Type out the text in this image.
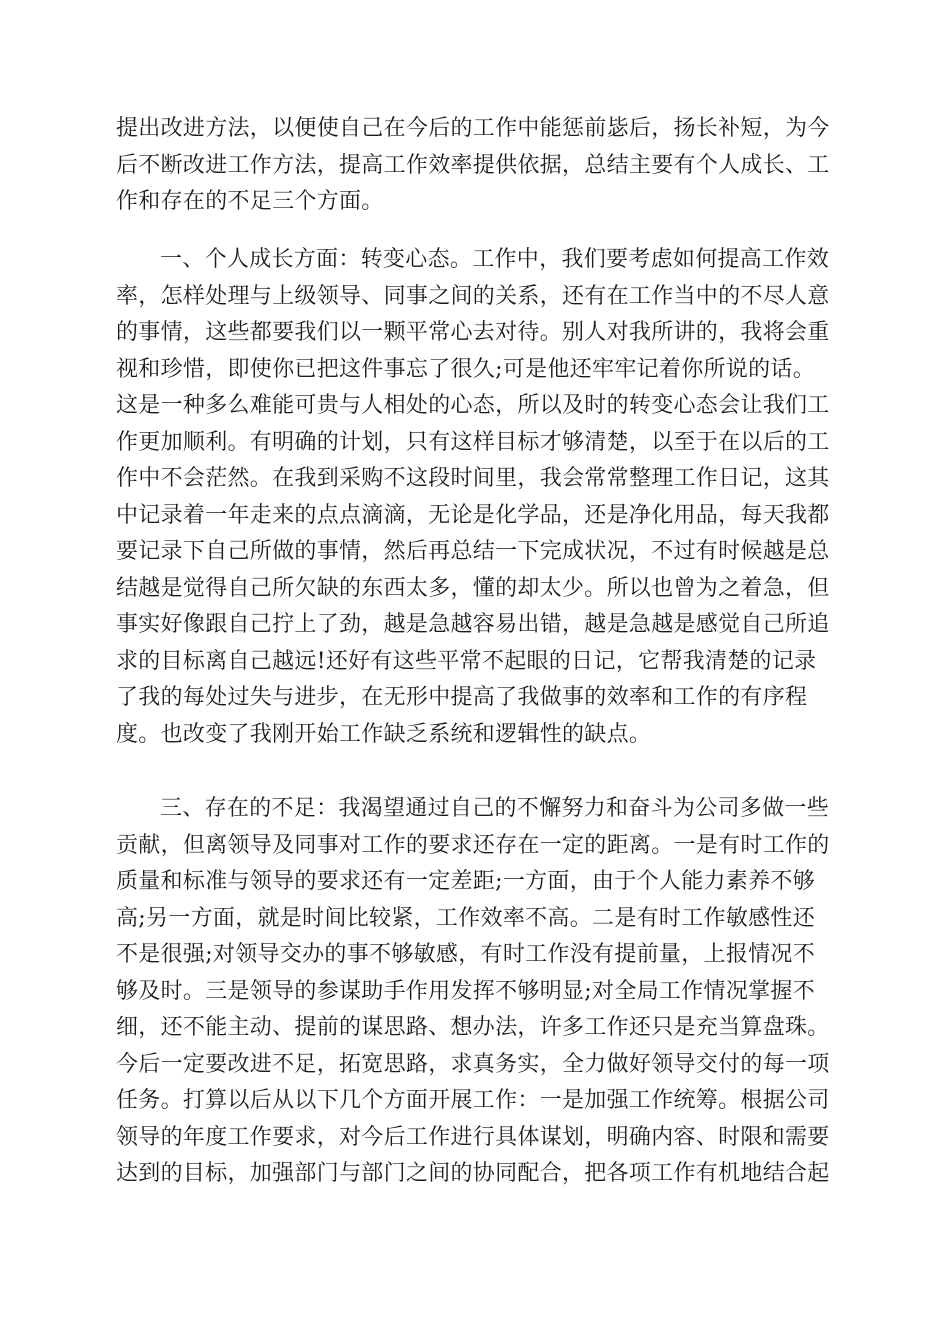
提出改进方法，以便使自己在今后的工作中能惩前毖后，扬长补短，为今
后不断改进工作方法，提高工作效率提供依据，总结主要有个人成长、工
作和存在的不足三个方面。
一、个人成长方面：转变心态。工作中，我们要考虑如何提高工作效
率，怎样处理与上级领导、同事之间的关系，还有在工作当中的不尽人意
的事情，这些都要我们以一颗平常心去对待。别人对我所讲的，我将会重
视和珍惜，即使你已把这件事忘了很久;可是他还牢牢记着你所说的话。
这是一种多么难能可贵与人相处的心态，所以及时的转变心态会让我们工
作更加顺利。有明确的计划，只有这样目标才够清楚，以至于在以后的工
作中不会茫然。在我到采购不这段时间里，我会常常整理工作日记，这其
中记录着一年走来的点点滴滴，无论是化学品，还是净化用品，每天我都
要记录下自己所做的事情，然后再总结一下完成状况，不过有时候越是总
结越是觉得自己所欠缺的东西太多，懂的却太少。所以也曾为之着急，但
事实好像跟自己拧上了劲，越是急越容易出错，越是急越是感觉自己所追
求的目标离自己越远!还好有这些平常不起眼的日记，它帮我清楚的记录
了我的每处过失与进步，在无形中提高了我做事的效率和工作的有序程
度。也改变了我刚开始工作缺乏系统和逻辑性的缺点。
三、存在的不足：我渴望通过自己的不懈努力和奋斗为公司多做一些
贡献，但离领导及同事对工作的要求还存在一定的距离。一是有时工作的
质量和标准与领导的要求还有一定差距;一方面，由于个人能力素养不够
高;另一方面，就是时间比较紧，工作效率不高。二是有时工作敏感性还
不是很强;对领导交办的事不够敏感，有时工作没有提前量，上报情况不
够及时。三是领导的参谋助手作用发挥不够明显;对全局工作情况掌握不
细，还不能主动、提前的谋思路、想办法，许多工作还只是充当算盘珠。
今后一定要改进不足，拓宽思路，求真务实，全力做好领导交付的每一项
任务。打算以后从以下几个方面开展工作：一是加强工作统筹。根据公司
领导的年度工作要求，对今后工作进行具体谋划，明确内容、时限和需要
达到的目标，加强部门与部门之间的协同配合，把各项工作有机地结合起
